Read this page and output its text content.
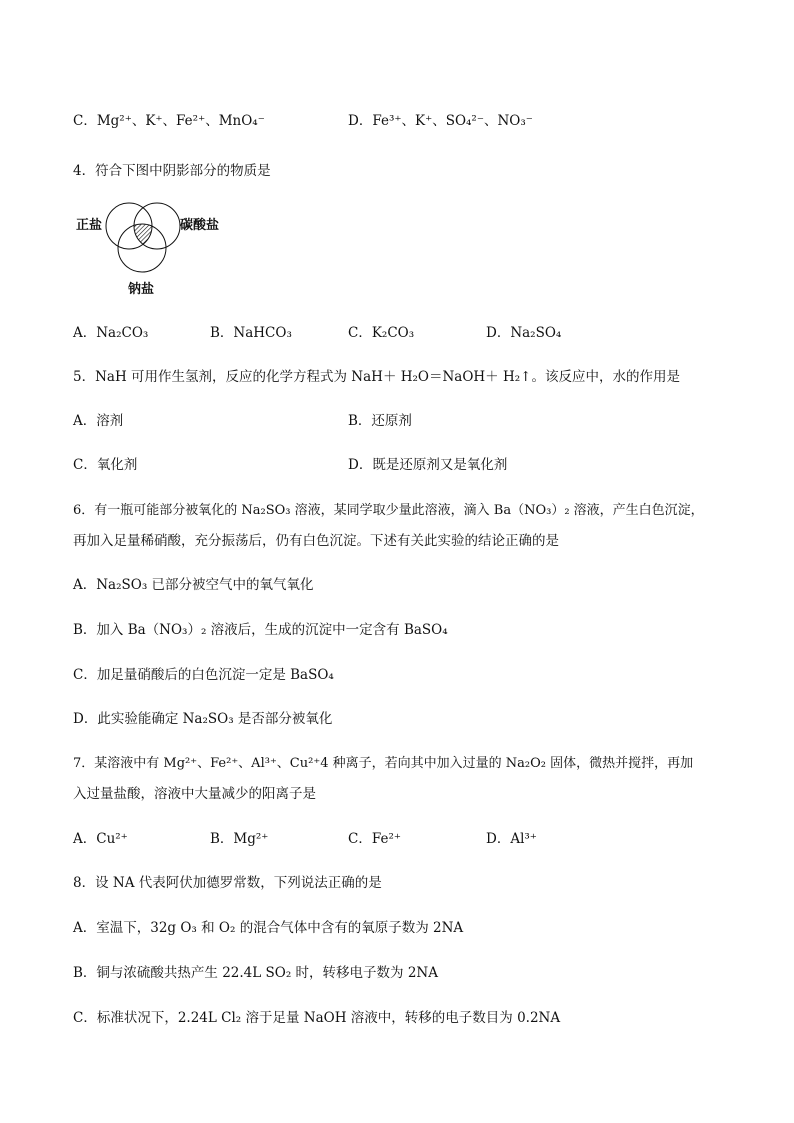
C．Mg²⁺、K⁺、Fe²⁺、MnO₄⁻	D．Fe³⁺、K⁺、SO₄²⁻、NO₃⁻
4．符合下图中阴影部分的物质是
正盐	碳酸盐
钠盐
A．Na₂CO₃	B．NaHCO₃	C．K₂CO₃	D．Na₂SO₄
5．NaH 可用作生氢剂，反应的化学方程式为 NaH＋ H₂O＝NaOH＋ H₂↑。该反应中，水的作用是
A．溶剂	B．还原剂
C．氧化剂	D．既是还原剂又是氧化剂
6．有一瓶可能部分被氧化的 Na₂SO₃ 溶液，某同学取少量此溶液，滴入 Ba（NO₃）₂ 溶液，产生白色沉淀，
再加入足量稀硝酸，充分振荡后，仍有白色沉淀。下述有关此实验的结论正确的是
A．Na₂SO₃ 已部分被空气中的氧气氧化
B．加入 Ba（NO₃）₂ 溶液后，生成的沉淀中一定含有 BaSO₄
C．加足量硝酸后的白色沉淀一定是 BaSO₄
D．此实验能确定 Na₂SO₃ 是否部分被氧化
7．某溶液中有 Mg²⁺、Fe²⁺、Al³⁺、Cu²⁺4 种离子，若向其中加入过量的 Na₂O₂ 固体，微热并搅拌，再加
入过量盐酸，溶液中大量减少的阳离子是
A．Cu²⁺	B．Mg²⁺	C．Fe²⁺	D．Al³⁺
8．设 NA 代表阿伏加德罗常数，下列说法正确的是
A．室温下，32g O₃ 和 O₂ 的混合气体中含有的氧原子数为 2NA
B．铜与浓硫酸共热产生 22.4L SO₂ 时，转移电子数为 2NA
C．标准状况下，2.24L Cl₂ 溶于足量 NaOH 溶液中，转移的电子数目为 0.2NA
